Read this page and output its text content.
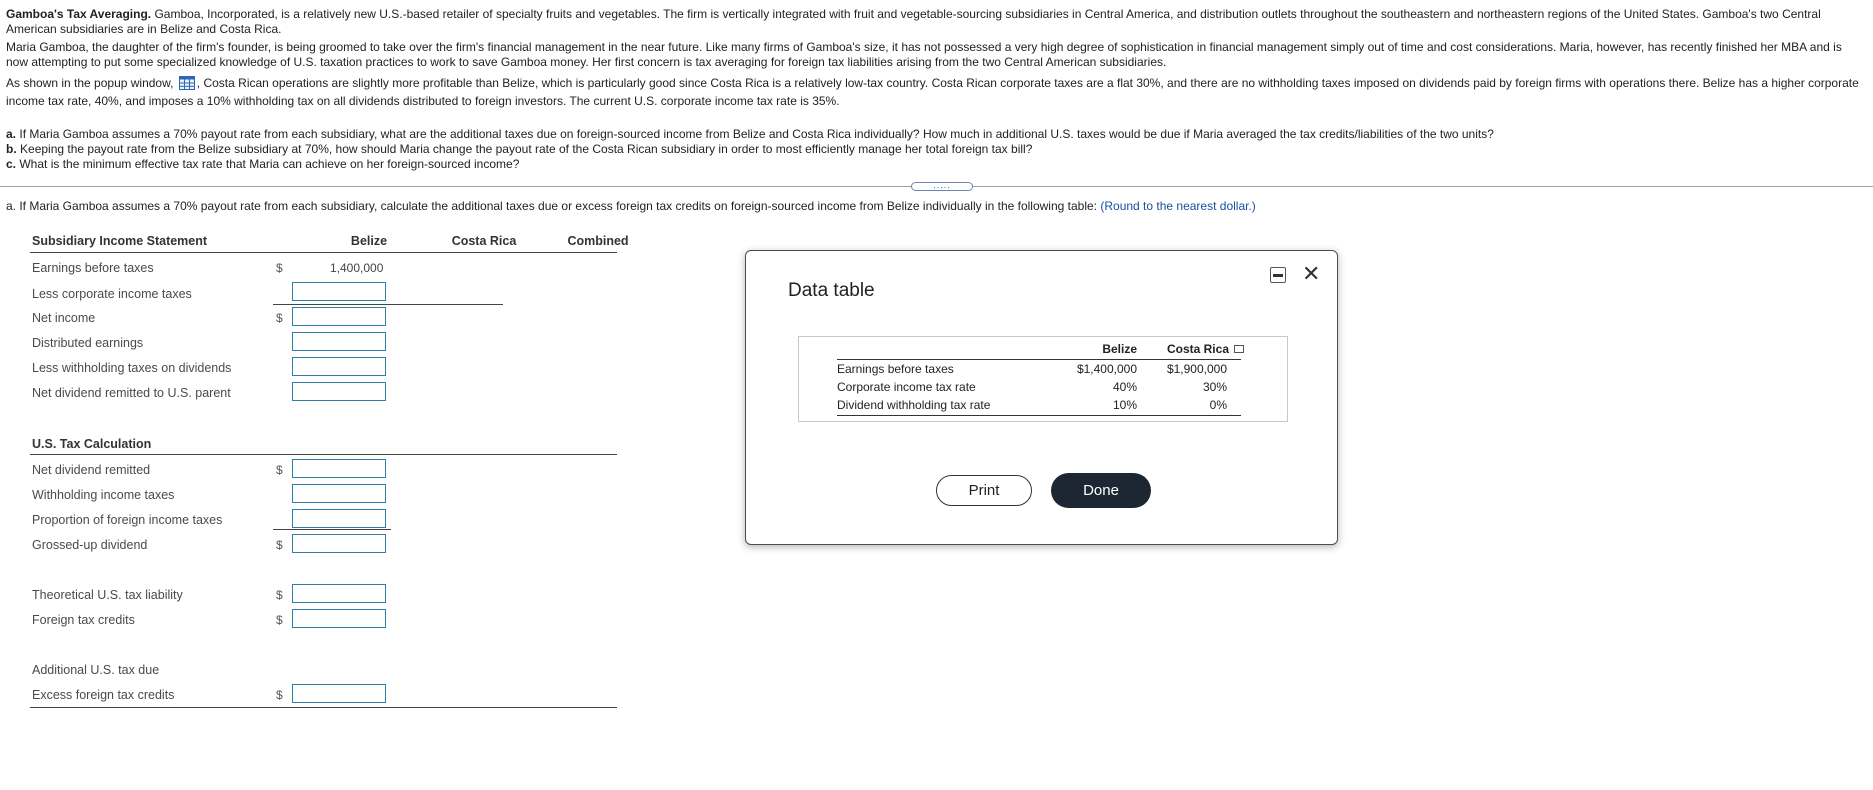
Gamboa's Tax Averaging. Gamboa, Incorporated, is a relatively new U.S.-based retailer of specialty fruits and vegetables. The firm is vertically integrated with fruit and vegetable-sourcing subsidiaries in Central America, and distribution outlets throughout the southeastern and northeastern regions of the United States. Gamboa's two Central American subsidiaries are in Belize and Costa Rica.

Maria Gamboa, the daughter of the firm's founder, is being groomed to take over the firm's financial management in the near future. Like many firms of Gamboa's size, it has not possessed a very high degree of sophistication in financial management simply out of time and cost considerations. Maria, however, has recently finished her MBA and is now attempting to put some specialized knowledge of U.S. taxation practices to work to save Gamboa money. Her first concern is tax averaging for foreign tax liabilities arising from the two Central American subsidiaries.

As shown in the popup window, , Costa Rican operations are slightly more profitable than Belize, which is particularly good since Costa Rica is a relatively low-tax country. Costa Rican corporate taxes are a flat 30%, and there are no withholding taxes imposed on dividends paid by foreign firms with operations there. Belize has a higher corporate income tax rate, 40%, and imposes a 10% withholding tax on all dividends distributed to foreign investors. The current U.S. corporate income tax rate is 35%.

a. If Maria Gamboa assumes a 70% payout rate from each subsidiary, what are the additional taxes due on foreign-sourced income from Belize and Costa Rica individually? How much in additional U.S. taxes would be due if Maria averaged the tax credits/liabilities of the two units?
b. Keeping the payout rate from the Belize subsidiary at 70%, how should Maria change the payout rate of the Costa Rican subsidiary in order to most efficiently manage her total foreign tax bill?
c. What is the minimum effective tax rate that Maria can achieve on her foreign-sourced income?
.....
a. If Maria Gamboa assumes a 70% payout rate from each subsidiary, calculate the additional taxes due or excess foreign tax credits on foreign-sourced income from Belize individually in the following table: (Round to the nearest dollar.)
Subsidiary Income Statement	Belize	Costa Rica	Combined
Earnings before taxes	$	1,400,000
Less corporate income taxes
Net income	$
Distributed earnings
Less withholding taxes on dividends
Net dividend remitted to U.S. parent
U.S. Tax Calculation
Net dividend remitted	$
Withholding income taxes
Proportion of foreign income taxes
Grossed-up dividend	$
Theoretical U.S. tax liability	$
Foreign tax credits	$
Additional U.S. tax due
Excess foreign tax credits	$
Data table
✕
Belize	Costa Rica
Earnings before taxes	$1,400,000	$1,900,000
Corporate income tax rate	40%	30%
Dividend withholding tax rate	10%	0%
Print	Done
